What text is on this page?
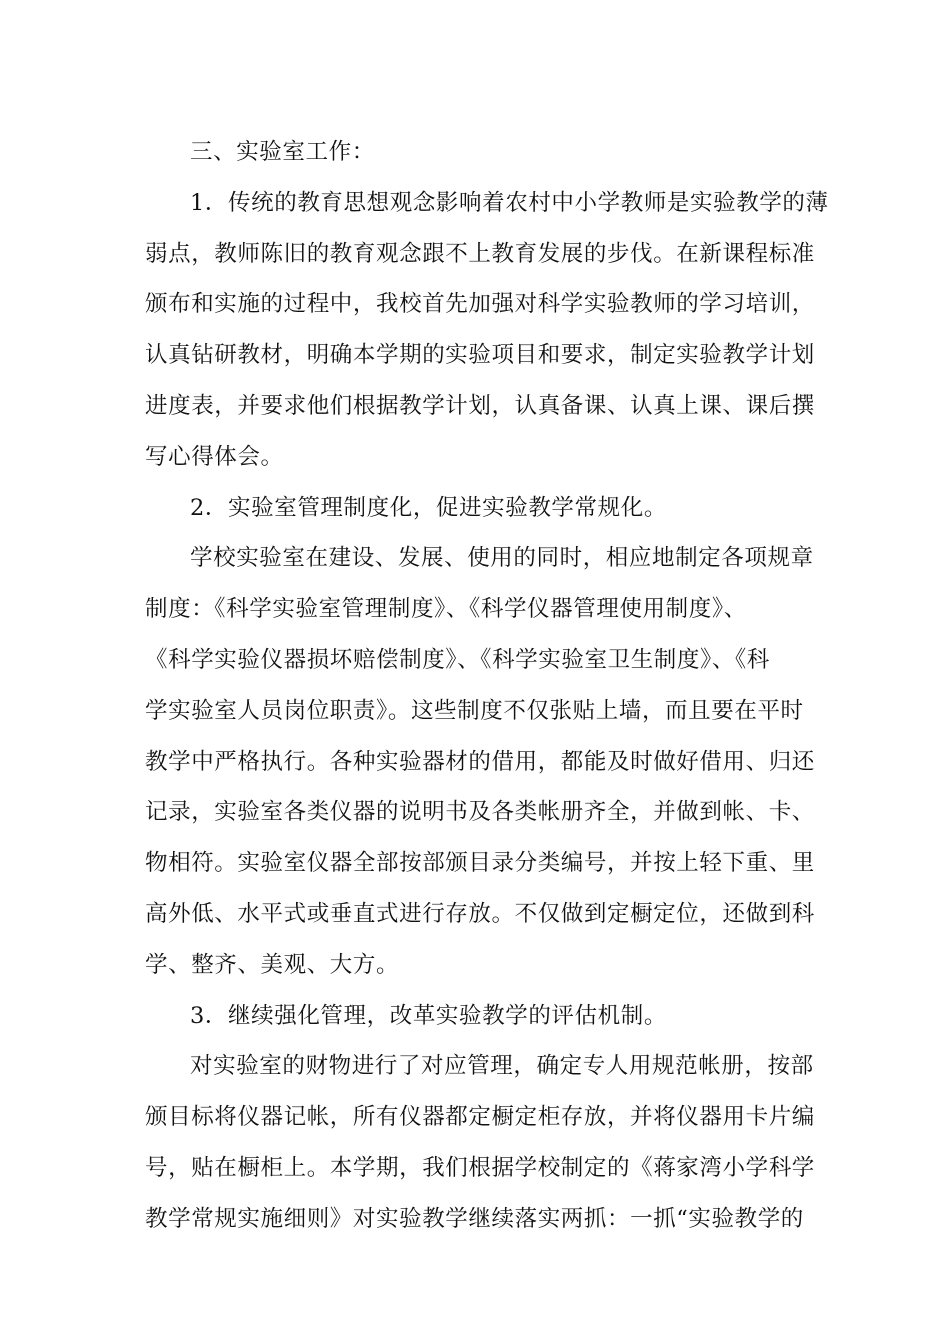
三、实验室工作：

1．传统的教育思想观念影响着农村中小学教师是实验教学的薄
弱点，教师陈旧的教育观念跟不上教育发展的步伐。在新课程标准
颁布和实施的过程中，我校首先加强对科学实验教师的学习培训，
认真钻研教材，明确本学期的实验项目和要求，制定实验教学计划
进度表，并要求他们根据教学计划，认真备课、认真上课、课后撰
写心得体会。

2．实验室管理制度化，促进实验教学常规化。

学校实验室在建设、发展、使用的同时，相应地制定各项规章
制度：《科学实验室管理制度》、《科学仪器管理使用制度》、
《科学实验仪器损坏赔偿制度》、《科学实验室卫生制度》、《科
学实验室人员岗位职责》。这些制度不仅张贴上墙，而且要在平时
教学中严格执行。各种实验器材的借用，都能及时做好借用、归还
记录，实验室各类仪器的说明书及各类帐册齐全，并做到帐、卡、
物相符。实验室仪器全部按部颁目录分类编号，并按上轻下重、里
高外低、水平式或垂直式进行存放。不仅做到定橱定位，还做到科
学、整齐、美观、大方。

3．继续强化管理，改革实验教学的评估机制。

对实验室的财物进行了对应管理，确定专人用规范帐册，按部
颁目标将仪器记帐，所有仪器都定橱定柜存放，并将仪器用卡片编
号，贴在橱柜上。本学期，我们根据学校制定的《蒋家湾小学科学
教学常规实施细则》对实验教学继续落实两抓：一抓“实验教学的
